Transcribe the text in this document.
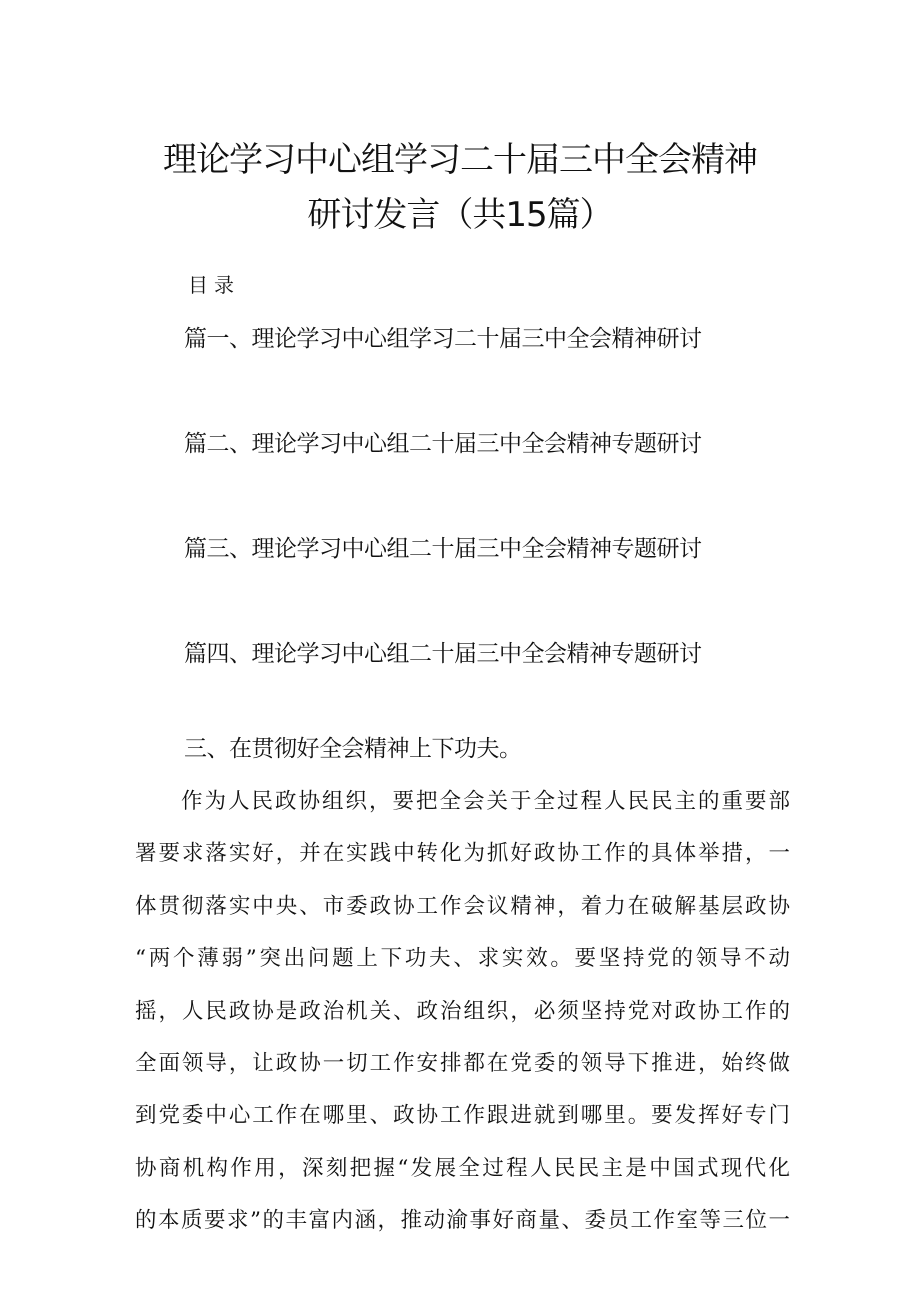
理论学习中心组学习二十届三中全会精神
研讨发言（共15篇）

目录

篇一、理论学习中心组学习二十届三中全会精神研讨

篇二、理论学习中心组二十届三中全会精神专题研讨

篇三、理论学习中心组二十届三中全会精神专题研讨

篇四、理论学习中心组二十届三中全会精神专题研讨

三、在贯彻好全会精神上下功夫。

作为人民政协组织，要把全会关于全过程人民民主的重要部
署要求落实好，并在实践中转化为抓好政协工作的具体举措，一
体贯彻落实中央、市委政协工作会议精神，着力在破解基层政协
“两个薄弱”突出问题上下功夫、求实效。要坚持党的领导不动
摇，人民政协是政治机关、政治组织，必须坚持党对政协工作的
全面领导，让政协一切工作安排都在党委的领导下推进，始终做
到党委中心工作在哪里、政协工作跟进就到哪里。要发挥好专门
协商机构作用，深刻把握“发展全过程人民民主是中国式现代化
的本质要求”的丰富内涵，推动渝事好商量、委员工作室等三位一
